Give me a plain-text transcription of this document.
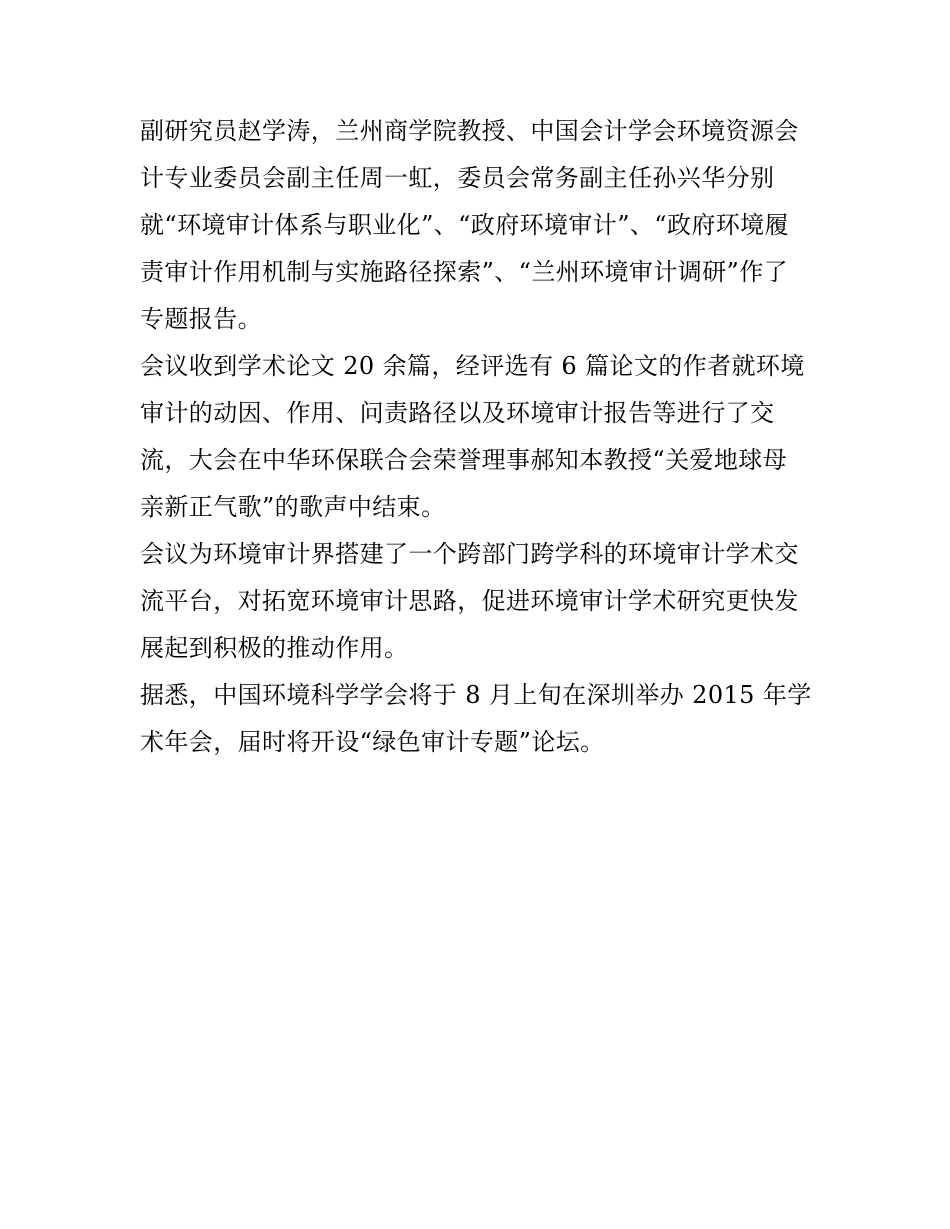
副研究员赵学涛，兰州商学院教授、中国会计学会环境资源会
计专业委员会副主任周一虹，委员会常务副主任孙兴华分别
就“环境审计体系与职业化”、“政府环境审计”、“政府环境履
责审计作用机制与实施路径探索”、“兰州环境审计调研”作了
专题报告。
会议收到学术论文 20 余篇，经评选有 6 篇论文的作者就环境
审计的动因、作用、问责路径以及环境审计报告等进行了交
流，大会在中华环保联合会荣誉理事郝知本教授“关爱地球母
亲新正气歌”的歌声中结束。
会议为环境审计界搭建了一个跨部门跨学科的环境审计学术交
流平台，对拓宽环境审计思路，促进环境审计学术研究更快发
展起到积极的推动作用。
据悉，中国环境科学学会将于 8 月上旬在深圳举办 2015 年学
术年会，届时将开设“绿色审计专题”论坛。
